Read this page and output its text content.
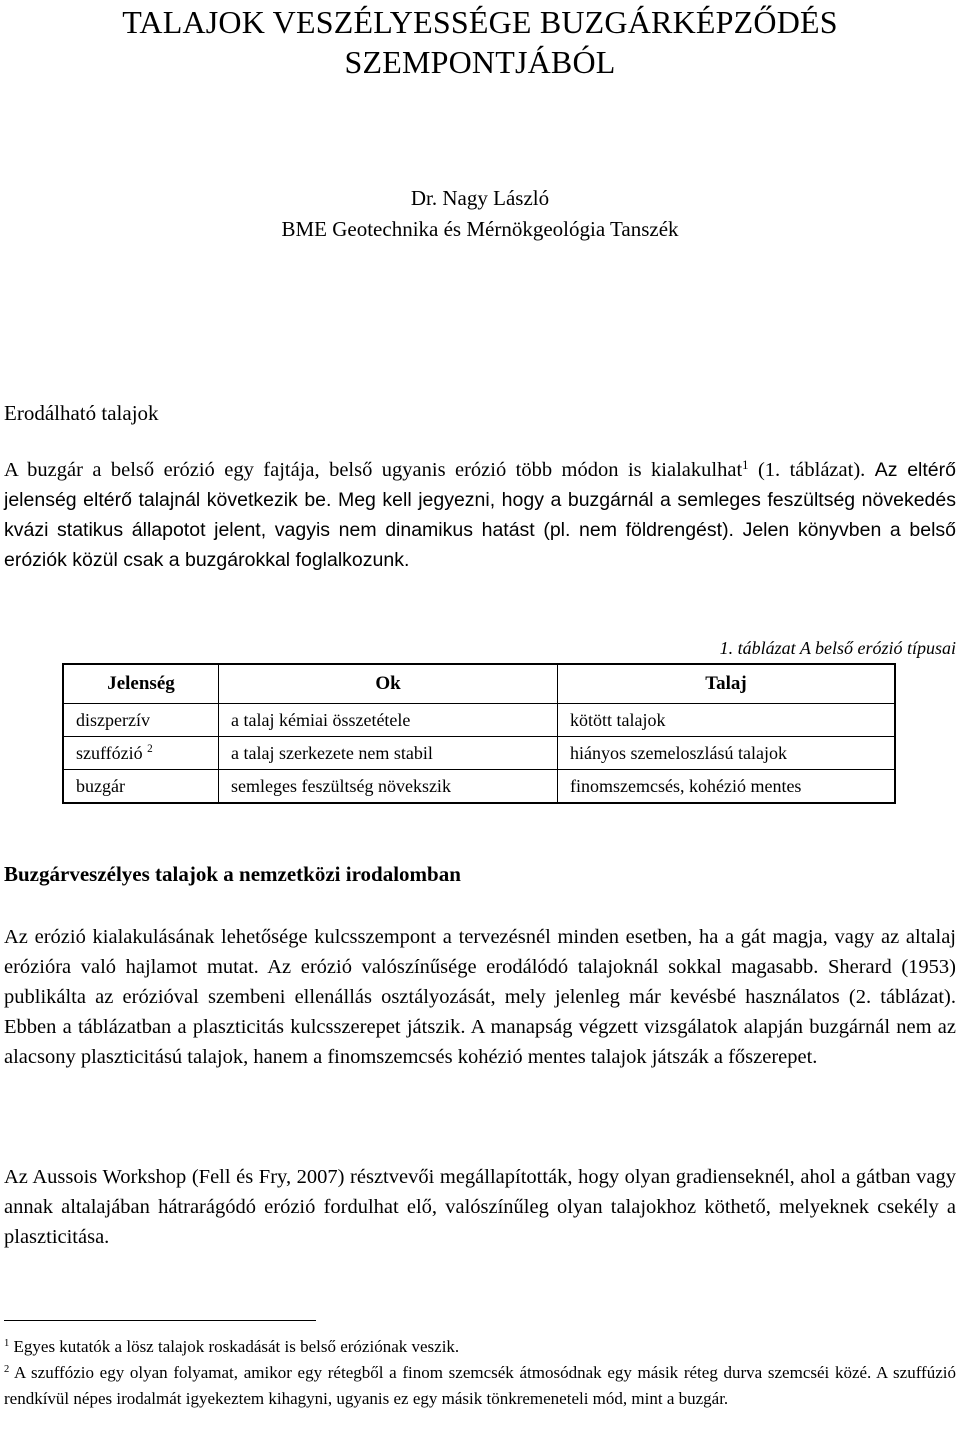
TALAJOK VESZÉLYESSÉGE BUZGÁRKÉPZŐDÉS
SZEMPONTJÁBÓL
Dr. Nagy László
BME Geotechnika és Mérnökgeológia Tanszék
Erodálható talajok

A buzgár a belső erózió egy fajtája, belső ugyanis erózió több módon is kialakulhat$^1$ (1. táblázat). Az eltérő jelenség eltérő talajnál következik be. Meg kell jegyezni, hogy a buzgárnál a semleges feszültség növekedés kvázi statikus állapotot jelent, vagyis nem dinamikus hatást (pl. nem földrengést). Jelen könyvben a belső eróziók közül csak a buzgárokkal foglalkozunk.

1. táblázat A belső erózió típusai
Jelenség	Ok	Talaj
diszperzív	a talaj kémiai összetétele	kötött talajok
szuffózió $^2$	a talaj szerkezete nem stabil	hiányos szemeloszlású talajok
buzgár	semleges feszültség növekszik	finomszemcsés, kohézió mentes
Buzgárveszélyes talajok a nemzetközi irodalomban

Az erózió kialakulásának lehetősége kulcsszempont a tervezésnél minden esetben, ha a gát magja, vagy az altalaj erózióra való hajlamot mutat. Az erózió valószínűsége erodálódó talajoknál sokkal magasabb. Sherard (1953) publikálta az erózióval szembeni ellenállás osztályozását, mely jelenleg már kevésbé használatos (2. táblázat). Ebben a táblázatban a plaszticitás kulcsszerepet játszik. A manapság végzett vizsgálatok alapján buzgárnál nem az alacsony plaszticitású talajok, hanem a finomszemcsés kohézió mentes talajok játszák a főszerepet.

Az Aussois Workshop (Fell és Fry, 2007) résztvevői megállapították, hogy olyan gradienseknél, ahol a gátban vagy annak altalajában hátrarágódó erózió fordulhat elő, valószínűleg olyan talajokhoz köthető, melyeknek csekély a plaszticitása.

$^1$ Egyes kutatók a lösz talajok roskadását is belső eróziónak veszik.

$^2$ A szuffózio egy olyan folyamat, amikor egy rétegből a finom szemcsék átmosódnak egy másik réteg durva szemcséi közé. A szuffúzió rendkívül népes irodalmát igyekeztem kihagyni, ugyanis ez egy másik tönkremeneteli mód, mint a buzgár.
